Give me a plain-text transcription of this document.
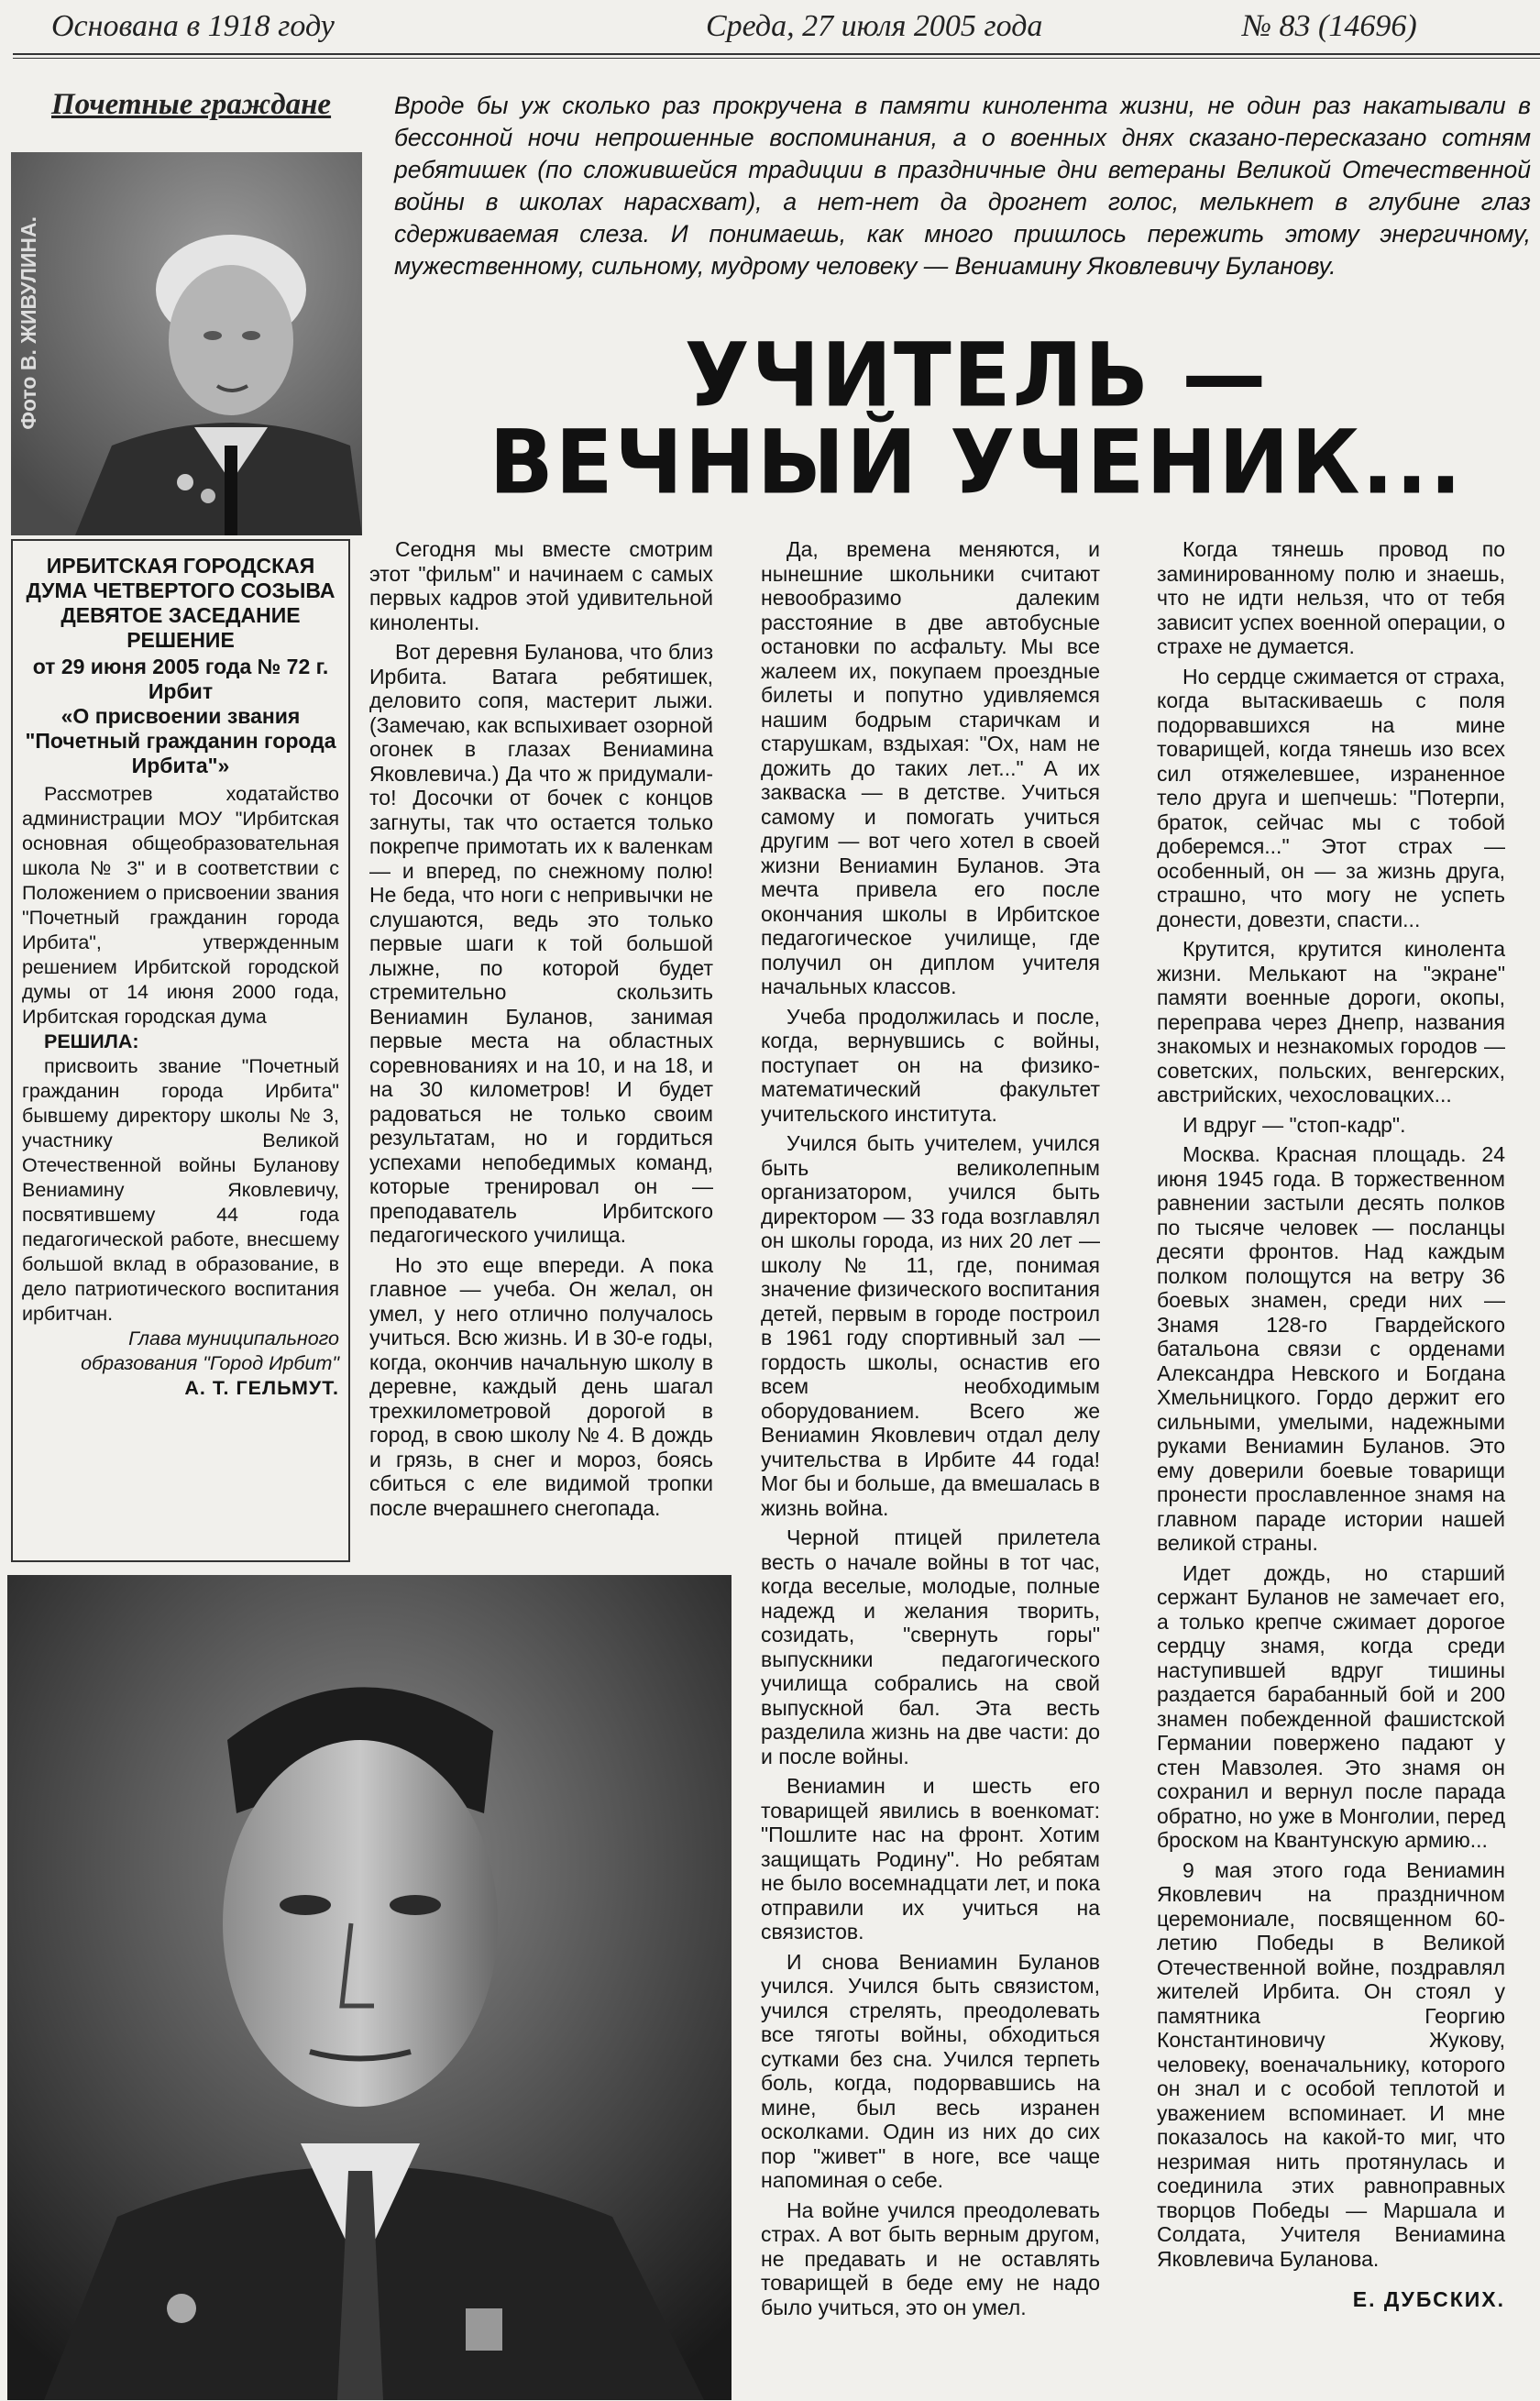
Основана в 1918 году	Среда, 27 июля 2005 года	№ 83 (14696)
Почетные граждане
Фото В. ЖИВУЛИНА.
Вроде бы уж сколько раз прокручена в памяти кинолента жизни, не один раз накатывали в бессонной ночи непрошенные воспоминания, а о военных днях сказано-пересказано сотням ребятишек (по сложившейся традиции в праздничные дни ветераны Великой Отечественной войны в школах нарасхват), а нет-нет да дрогнет голос, мелькнет в глубине глаз сдерживаемая слеза. И понимаешь, как много пришлось пережить этому энергичному, мужественному, сильному, мудрому человеку — Вениамину Яковлевичу Буланову.
УЧИТЕЛЬ —
ВЕЧНЫЙ УЧЕНИК...
ИРБИТСКАЯ ГОРОДСКАЯ ДУМА ЧЕТВЕРТОГО СОЗЫВА ДЕВЯТОЕ ЗАСЕДАНИЕ РЕШЕНИЕ
от 29 июня 2005 года № 72 г. Ирбит
«О присвоении звания "Почетный гражданин города Ирбита"»
Рассмотрев ходатайство администрации МОУ "Ирбитская основная общеобразовательная школа № 3" и в соответствии с Положением о присвоении звания "Почетный гражданин города Ирбита", утвержденным решением Ирбитской городской думы от 14 июня 2000 года, Ирбитская городская дума
РЕШИЛА:
присвоить звание "Почетный гражданин города Ирбита" бывшему директору школы № 3, участнику Великой Отечественной войны Буланову Вениамину Яковлевичу, посвятившему 44 года педагогической работе, внесшему большой вклад в образование, в дело патриотического воспитания ирбитчан.
Глава муниципального образования "Город Ирбит"
А. Т. ГЕЛЬМУТ.

Сегодня мы вместе смотрим этот "фильм" и начинаем с самых первых кадров этой удивительной киноленты.

Вот деревня Буланова, что близ Ирбита. Ватага ребятишек, деловито сопя, мастерит лыжи. (Замечаю, как вспыхивает озорной огонек в глазах Вениамина Яковлевича.) Да что ж придумали-то! Досочки от бочек с концов загнуты, так что остается только покрепче примотать их к валенкам — и вперед, по снежному полю! Не беда, что ноги с непривычки не слушаются, ведь это только первые шаги к той большой лыжне, по которой будет стремительно скользить Вениамин Буланов, занимая первые места на областных соревнованиях и на 10, и на 18, и на 30 километров! И будет радоваться не только своим результатам, но и гордиться успехами непобедимых команд, которые тренировал он — преподаватель Ирбитского педагогического училища.

Но это еще впереди. А пока главное — учеба. Он желал, он умел, у него отлично получалось учиться. Всю жизнь. И в 30-е годы, когда, окончив начальную школу в деревне, каждый день шагал трехкилометровой дорогой в город, в свою школу № 4. В дождь и грязь, в снег и мороз, боясь сбиться с еле видимой тропки после вчерашнего снегопада.

Да, времена меняются, и нынешние школьники считают невообразимо далеким расстояние в две автобусные остановки по асфальту. Мы все жалеем их, покупаем проездные билеты и попутно удивляемся нашим бодрым старичкам и старушкам, вздыхая: "Ох, нам не дожить до таких лет..." А их закваска — в детстве. Учиться самому и помогать учиться другим — вот чего хотел в своей жизни Вениамин Буланов. Эта мечта привела его после окончания школы в Ирбитское педагогическое училище, где получил он диплом учителя начальных классов.

Учеба продолжилась и после, когда, вернувшись с войны, поступает он на физико-математический факультет учительского института.

Учился быть учителем, учился быть великолепным организатором, учился быть директором — 33 года возглавлял он школы города, из них 20 лет — школу № 11, где, понимая значение физического воспитания детей, первым в городе построил в 1961 году спортивный зал — гордость школы, оснастив его всем необходимым оборудованием. Всего же Вениамин Яковлевич отдал делу учительства в Ирбите 44 года! Мог бы и больше, да вмешалась в жизнь война.

Черной птицей прилетела весть о начале войны в тот час, когда веселые, молодые, полные надежд и желания творить, созидать, "свернуть горы" выпускники педагогического училища собрались на свой выпускной бал. Эта весть разделила жизнь на две части: до и после войны.

Вениамин и шесть его товарищей явились в военкомат: "Пошлите нас на фронт. Хотим защищать Родину". Но ребятам не было восемнадцати лет, и пока отправили их учиться на связистов.

И снова Вениамин Буланов учился. Учился быть связистом, учился стрелять, преодолевать все тяготы войны, обходиться сутками без сна. Учился терпеть боль, когда, подорвавшись на мине, был весь изранен осколками. Один из них до сих пор "живет" в ноге, все чаще напоминая о себе.

На войне учился преодолевать страх. А вот быть верным другом, не предавать и не оставлять товарищей в беде ему не надо было учиться, это он умел.

Когда тянешь провод по заминированному полю и знаешь, что не идти нельзя, что от тебя зависит успех военной операции, о страхе не думается.

Но сердце сжимается от страха, когда вытаскиваешь с поля подорвавшихся на мине товарищей, когда тянешь изо всех сил отяжелевшее, израненное тело друга и шепчешь: "Потерпи, браток, сейчас мы с тобой доберемся..." Этот страх — особенный, он — за жизнь друга, страшно, что могу не успеть донести, довезти, спасти...

Крутится, крутится кинолента жизни. Мелькают на "экране" памяти военные дороги, окопы, переправа через Днепр, названия знакомых и незнакомых городов — советских, польских, венгерских, австрийских, чехословацких...

И вдруг — "стоп-кадр".

Москва. Красная площадь. 24 июня 1945 года. В торжественном равнении застыли десять полков по тысяче человек — посланцы десяти фронтов. Над каждым полком полощутся на ветру 36 боевых знамен, среди них — Знамя 128-го Гвардейского батальона связи с орденами Александра Невского и Богдана Хмельницкого. Гордо держит его сильными, умелыми, надежными руками Вениамин Буланов. Это ему доверили боевые товарищи пронести прославленное знамя на главном параде истории нашей великой страны.

Идет дождь, но старший сержант Буланов не замечает его, а только крепче сжимает дорогое сердцу знамя, когда среди наступившей вдруг тишины раздается барабанный бой и 200 знамен побежденной фашистской Германии повержено падают у стен Мавзолея. Это знамя он сохранил и вернул после парада обратно, но уже в Монголии, перед броском на Квантунскую армию...

9 мая этого года Вениамин Яковлевич на праздничном церемониале, посвященном 60-летию Победы в Великой Отечественной войне, поздравлял жителей Ирбита. Он стоял у памятника Георгию Константиновичу Жукову, человеку, военачальнику, которого он знал и с особой теплотой и уважением вспоминает. И мне показалось на какой-то миг, что незримая нить протянулась и соединила этих равноправных творцов Победы — Маршала и Солдата, Учителя Вениамина Яковлевича Буланова.

Е. ДУБСКИХ.
